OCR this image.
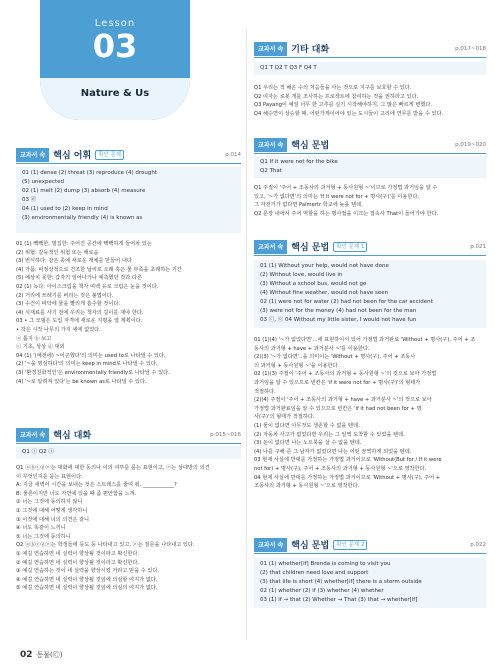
Lesson
03
Nature & Us
교과서 속 핵심 어휘	확인 문제	p.014
01 (1) dense (2) threat (3) reproduce (4) drought
(5) unexpected
02 (1) melt (2) dump (3) absorb (4) measure
03 ⓓ
04 (1) used to (2) keep in mind
(3) environmentally friendly (4) is known as
01 (1) 빽빽한, 밀집한: 주어진 공간에 빽빽하게 들어차 있는
(2) 위협: 갈등적인 위험 또는 해로움
(3) 번식하다: 같은 종에 새로운 개체를 만들어 내다
(4) 가뭄: 비정상적으로 건조한 날씨로 오래 혹은 물 부족을 초래하는 기간
(5) 예상치 못한: 갑자기 일어나거나 예측했던 것과 다른
02 (1) 녹다: 아이스크림을 책자 여백 유로 크림은 눈을 것이다.
(2) 거리에 쓰레기를 버리는 것은 불법이다.
(3) 수건이 바닥에 물을 빨리게 흡수할 것이다.
(4) 식재료를 사기 전에 우리는 책자의 길이를 재야 한다.
03 • 그 모델은 도입 자격에 새로운 지평을 열 계획이다.
• 작은 시작 나무의 가지 세에 없었다.
ⓐ 톱지 ⓑ 보고
ⓒ 기초, 상상 ⓓ 대외
04 (1) '(예전에) ~이곤했다'의 의미는 used to로 나타낼 수 있다.
(2) '~을 명심하다'의 의미는 keep in mind로 나타낼 수 있다.
(3) '환경친화적인'은 environmentally friendly로 나타낼 수 있다.
(4) '~로 알려져 있다'는 be known as로 나타낼 수 있다.
교과서 속 핵심 대화	p.015~016
Q1 ⓘ Q2 ⓘ
Q1 ⓐⓑⓒⓓⓔ는 대화에 대한 동의나 이의 여부를 묻는 표현이고, ⓔ는 상대방의 의견
이 무엇인지를 묻는 표현이다.
A: 지금 새벽이 시간을 보내는 것은 스트레스를 줄여 줘. ____________?
B: 물론이지만 너도 자연에 있을 때 좀 편안함을 느껴.
① 너는 그것에 동의하지 않니
② 그것에 대해 어떻게 생각하니
③ 이것에 대해 너의 의견은 같니
④ 너도 똑같이 느끼니
⑤ 너는 그것에 동의하니
Q2 ⓐⓑⓒⓓⓔ는 학생들에 등도 등 나타내고 있고, ⓔ는 질문을 나타내고 있다.
① 예길 연습하면 네 실력이 향상될 것이라고 확신한다.
② 예길 연습하면 네 실력이 향상될 것이라고 확신한다.
③ 예길 연습하는 것이 네 실력을 향상시킬 거라고 믿을 수 있다.
④ 예길 연습하면 네 실력이 향상될 것임에 의심할 여지가 없다.
⑤ 예길 연습하면 네 실력이 향상될 것임에 의심의 여지가 없다.
02 동물(Ⓒ)
교과서 속 기타 대화	p.017~018
Q1 T Q2 T Q3 F Q4 T
Q1 우리는 적 해온 수의 처음들을 사는 것으로 지구를 보호할 수 있다.
Q2 여자는 로봇 개를 조사하는 프로젝트에 참여하는 것을 권하라고 있다.
Q3 Payang이 예일 너무 한 고추를 실기 시작해야하지, 그 많은 빠르게 변했다.
Q4 해수면이 상승할 때, 어떤가게이어야 있는 도시들이 고리에 연무를 받을 수 있다.
교과서 속 핵심 문법	p.019~020
Q1 If it were not for the bike
Q2 That
Q1 주절이 '주어 + 조동사의 과거형 + 동사원형 ~'이므로 가정법 과거임을 알 수
있고, '~가 없다면'의 의미는 'if it were not for + 명사(구)'를 이용한다.
그 자전거가 없다면 Palmertr 학교에 늦을 텐데.
Q2 문장 내에서 주어 역할을 하는 명사절을 이끄는 접속사 That이 들어가야 한다.
교과서 속 핵심 문법	확인 문제 1	p.021
01 (1) Without your help, would not have done
(2) Without love, would live in
(3) Without a school bus, would not go
(4) Without fine weather, would not have seen
02 (1) were not for water (2) had not been for the car accident
(3) were not for the money (4) had not been for the man
03 ⓒ, ⓔ 04 Without my little sister, I would not have fun
01 (1)(4) '~가 없었다면'...에 표현하이서 있어 가정법 과거완료 'Without + 명사(구), 주어 + 조
동사의 과거형 + have + 과거분사 ~'를 이용한다.
(2)(3) '~가 없다면'..을 의미이는 'Without + 명사(구), 주어 + 조동사
의 과거형 + 동사원형 ~'을 이용한다.
02 (1)(3) 주절이 '주어 + 조동사의 과거형 + 동사원형 ~'의 것으로 보아 가정법
과거임을 알 수 있으므로 빈칸은 'if it were not for + 명사(구)'의 형태가
적절하다.
(2)(4) 주절이 '주어 + 조동사의 과거형 + have + 과거분사 ~'의 것으로 보아
가정법 과거완료임을 알 수 있으므로 빈칸은 'if it had not been for + 명
사(구)'의 형태가 적절하다.
(1) 물이 없다면 아무것도 생존할 수 없을 텐데.
(2) 자동차 사고가 없었다면 우리는 그 일찍 도착할 수 있었을 텐데.
(3) 돈이 없다면 나는 노트북을 살 수 없을 텐데.
(4) 나를 구해 준 그 남자가 없었다면 나는 어떤 끔찍하게 되었을 텐데.
03 현재 사실에 반대를 가정하는 가정법 과거이므로 'Without(But for / If it were
not for) + 명사(구), 주어 + 조동사의 과거형 + 동사원형 ~'으로 영작한다.
04 현재 사실에 반대를 가정하는 가정법 과거이므로 'Without + 명사(구), 주어 +
조동사의 과거형 + 동사원형 ~'으로 영작한다.
교과서 속 핵심 문법	확인 문제 2	p.022
01 (1) whether[if] Brenda is coming to visit you
(2) that children need love and support
(3) that life is short (4) whether[if] there is a storm outside
02 (1) whether (2) if (3) whether (4) whether
03 (1) if → that (2) Whether → That (3) that → whether[if]
